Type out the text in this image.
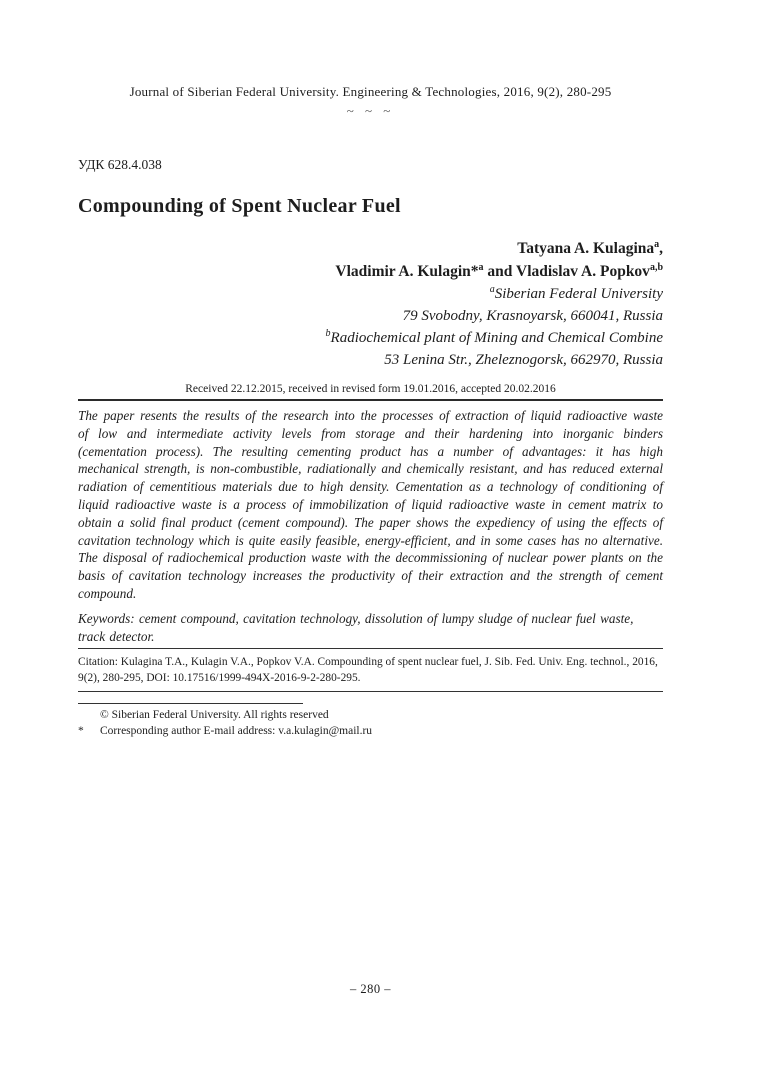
Journal of Siberian Federal University. Engineering & Technologies, 2016, 9(2), 280-295
~ ~ ~
УДК 628.4.038
Compounding of Spent Nuclear Fuel
Tatyana A. Kulagina$^a$,
Vladimir A. Kulagin*$^a$ and Vladislav A. Popkov$^{a,b}$
$^a$Siberian Federal University
79 Svobodny, Krasnoyarsk, 660041, Russia
$^b$Radiochemical plant of Mining and Chemical Combine
53 Lenina Str., Zheleznogorsk, 662970, Russia
Received 22.12.2015, received in revised form 19.01.2016, accepted 20.02.2016

The paper resents the results of the research into the processes of extraction of liquid radioactive waste of low and intermediate activity levels from storage and their hardening into inorganic binders (cementation process). The resulting cementing product has a number of advantages: it has high mechanical strength, is non-combustible, radiationally and chemically resistant, and has reduced external radiation of cementitious materials due to high density. Cementation as a technology of conditioning of liquid radioactive waste is a process of immobilization of liquid radioactive waste in cement matrix to obtain a solid final product (cement compound). The paper shows the expediency of using the effects of cavitation technology which is quite easily feasible, energy-efficient, and in some cases has no alternative. The disposal of radiochemical production waste with the decommissioning of nuclear power plants on the basis of cavitation technology increases the productivity of their extraction and the strength of cement compound.

Keywords: cement compound, cavitation technology, dissolution of lumpy sludge of nuclear fuel waste, track detector.

Citation: Kulagina T.A., Kulagin V.A., Popkov V.A. Compounding of spent nuclear fuel, J. Sib. Fed. Univ. Eng. technol., 2016, 9(2), 280-295, DOI: 10.17516/1999-494X-2016-9-2-280-295.

© Siberian Federal University. All rights reserved
*	Corresponding author E-mail address: v.a.kulagin@mail.ru
– 280 –
